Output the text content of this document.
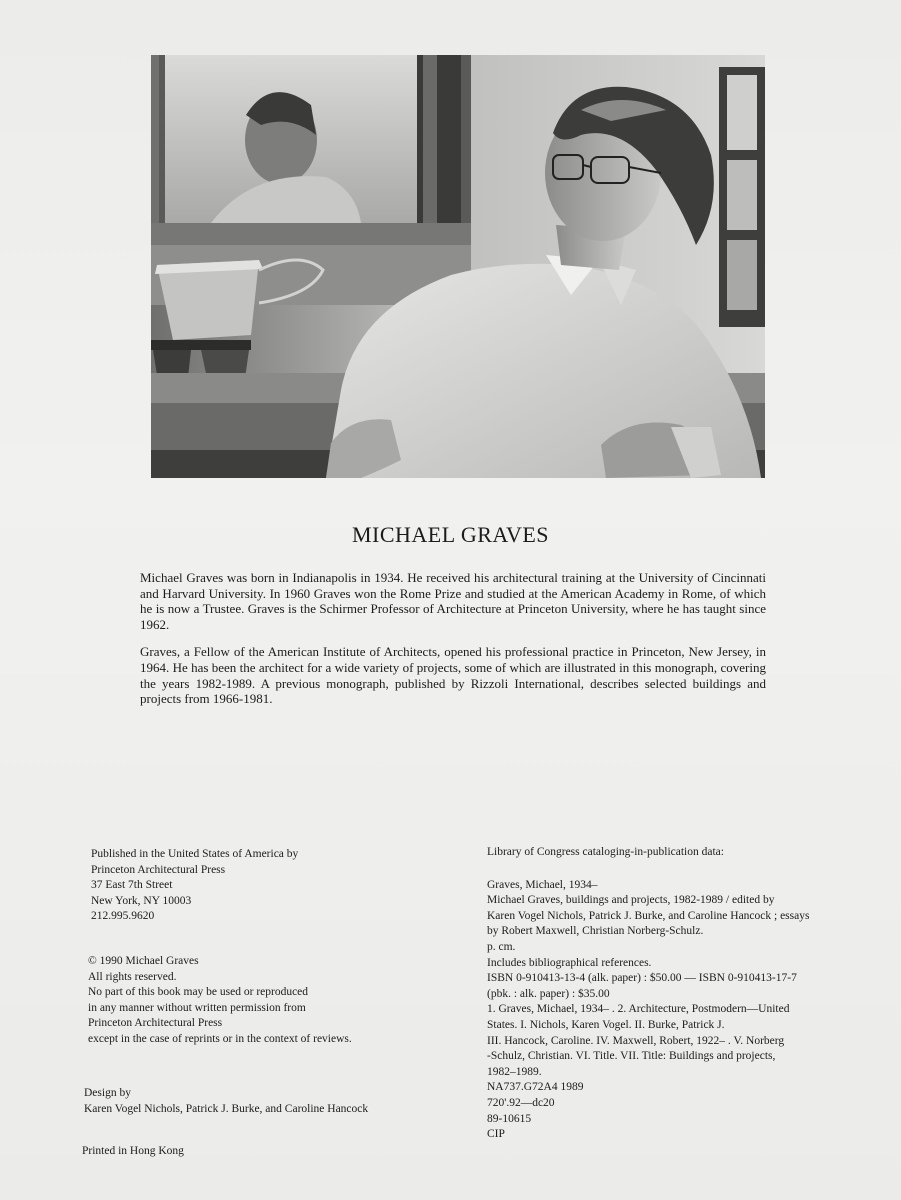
MICHAEL GRAVES

Michael Graves was born in Indianapolis in 1934. He received his architectural training at the University of Cincinnati and Harvard University. In 1960 Graves won the Rome Prize and studied at the American Academy in Rome, of which he is now a Trustee. Graves is the Schirmer Professor of Architecture at Princeton University, where he has taught since 1962.

Graves, a Fellow of the American Institute of Architects, opened his professional practice in Princeton, New Jersey, in 1964. He has been the architect for a wide variety of projects, some of which are illustrated in this monograph, covering the years 1982-1989. A previous monograph, published by Rizzoli International, describes selected buildings and projects from 1966-1981.

Published in the United States of America by
Princeton Architectural Press
37 East 7th Street
New York, NY 10003
212.995.9620
© 1990 Michael Graves
All rights reserved.
No part of this book may be used or reproduced
in any manner without written permission from
Princeton Architectural Press
except in the case of reprints or in the context of reviews.
Design by
Karen Vogel Nichols, Patrick J. Burke, and Caroline Hancock
Printed in Hong Kong
Library of Congress cataloging-in-publication data:
Graves, Michael, 1934–
Michael Graves, buildings and projects, 1982-1989 / edited by
Karen Vogel Nichols, Patrick J. Burke, and Caroline Hancock ; essays
by Robert Maxwell, Christian Norberg-Schulz.
p. cm.
Includes bibliographical references.
ISBN 0-910413-13-4 (alk. paper) : $50.00 — ISBN 0-910413-17-7
(pbk. : alk. paper) : $35.00
1. Graves, Michael, 1934– . 2. Architecture, Postmodern—United
States. I. Nichols, Karen Vogel. II. Burke, Patrick J.
III. Hancock, Caroline. IV. Maxwell, Robert, 1922– . V. Norberg
-Schulz, Christian. VI. Title. VII. Title: Buildings and projects,
1982–1989.
NA737.G72A4 1989
720'.92—dc20
89-10615
CIP
